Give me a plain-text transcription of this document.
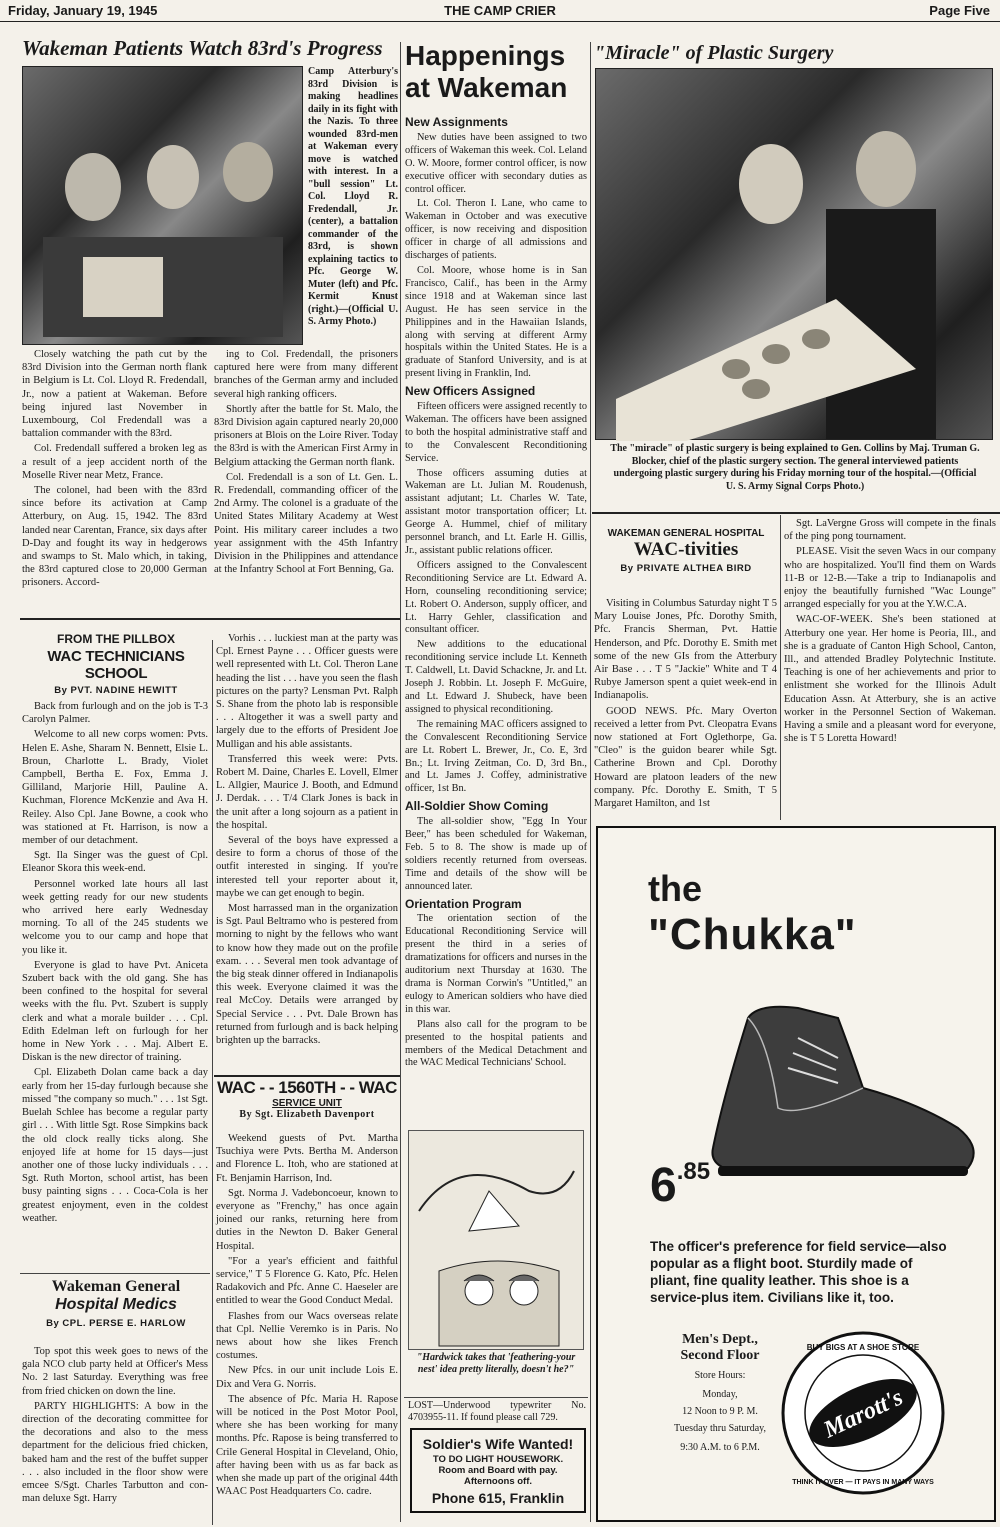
Friday, January 19, 1945	THE CAMP CRIER	Page Five
Wakeman Patients Watch 83rd's Progress
Camp Atterbury's 83rd Division is making headlines daily in its fight with the Nazis. To three wounded 83rd-men at Wakeman every move is watched with interest. In a "bull session" Lt. Col. Lloyd R. Fredendall, Jr. (center), a battalion commander of the 83rd, is shown explaining tactics to Pfc. George W. Muter (left) and Pfc. Kermit Knust (right.)—(Official U. S. Army Photo.)

Closely watching the path cut by the 83rd Division into the German north flank in Belgium is Lt. Col. Lloyd R. Fredendall, Jr., now a patient at Wakeman. Before being injured last November in Luxembourg, Col Fredendall was a battalion commander with the 83rd.

Col. Fredendall suffered a broken leg as a result of a jeep accident north of the Moselle River near Metz, France.

The colonel, had been with the 83rd since before its activation at Camp Atterbury, on Aug. 15, 1942. The 83rd landed near Carentan, France, six days after D-Day and fought its way in hedgerows and swamps to St. Malo which, in taking, the 83rd captured close to 20,000 German prisoners. Accord-

ing to Col. Fredendall, the prisoners captured here were from many different branches of the German army and included several high ranking officers.

Shortly after the battle for St. Malo, the 83rd Division again captured nearly 20,000 prisoners at Blois on the Loire River. Today the 83rd is with the American First Army in Belgium attacking the German north flank.

Col. Fredendall is a son of Lt. Gen. L. R. Fredendall, commanding officer of the 2nd Army. The colonel is a graduate of the United States Military Academy at West Point. His military career includes a two year assignment with the 45th Infantry Division in the Philippines and attendance at the Infantry School at Fort Benning, Ga.

FROM THE PILLBOX
WAC TECHNICIANS SCHOOL
By PVT. NADINE HEWITT

Back from furlough and on the job is T-3 Carolyn Palmer.

Welcome to all new corps women: Pvts. Helen E. Ashe, Sharam N. Bennett, Elsie L. Broun, Charlotte L. Brady, Violet Campbell, Bertha E. Fox, Emma J. Gilliland, Marjorie Hill, Pauline A. Kuchman, Florence McKenzie and Ava H. Reiley. Also Cpl. Jane Bowne, a cook who was stationed at Ft. Harrison, is now a member of our detachment.

Sgt. Ila Singer was the guest of Cpl. Eleanor Skora this week-end.

Personnel worked late hours all last week getting ready for our new students who arrived here early Wednesday morning. To all of the 245 students we welcome you to our camp and hope that you like it.

Everyone is glad to have Pvt. Aniceta Szubert back with the old gang. She has been confined to the hospital for several weeks with the flu. Pvt. Szubert is supply clerk and what a morale builder . . . Cpl. Edith Edelman left on furlough for her home in New York . . . Maj. Albert E. Diskan is the new director of training.

Cpl. Elizabeth Dolan came back a day early from her 15-day furlough because she missed "the company so much." . . . 1st Sgt. Buelah Schlee has become a regular party girl . . . With little Sgt. Rose Simpkins back the old clock really ticks along. She enjoyed life at home for 15 days—just another one of those lucky individuals . . . Sgt. Ruth Morton, school artist, has been busy painting signs . . . Coca-Cola is her greatest enjoyment, even in the coldest weather.

Vorhis . . . luckiest man at the party was Cpl. Ernest Payne . . . Officer guests were well represented with Lt. Col. Theron Lane heading the list . . . have you seen the flash pictures on the party? Lensman Pvt. Ralph S. Shane from the photo lab is responsible . . . Altogether it was a swell party and largely due to the efforts of President Joe Mulligan and his able assistants.

Transferred this week were: Pvts. Robert M. Daine, Charles E. Lovell, Elmer L. Allgier, Maurice J. Booth, and Edmund J. Derdak. . . . T/4 Clark Jones is back in the unit after a long sojourn as a patient in the hospital.

Several of the boys have expressed a desire to form a chorus of those of the outfit interested in singing. If you're interested tell your reporter about it, maybe we can get enough to begin.

Most harrassed man in the organization is Sgt. Paul Beltramo who is pestered from morning to night by the fellows who want to know how they made out on the profile exam. . . . Several men took advantage of the big steak dinner offered in Indianapolis this week. Everyone claimed it was the real McCoy. Details were arranged by Special Service . . . Pvt. Dale Brown has returned from furlough and is back helping brighten up the barracks.

Wakeman General
Hospital Medics
By CPL. PERSE E. HARLOW

Top spot this week goes to news of the gala NCO club party held at Officer's Mess No. 2 last Saturday. Everything was free from fried chicken on down the line.

PARTY HIGHLIGHTS: A bow in the direction of the decorating committee for the decorations and also to the mess department for the delicious fried chicken, baked ham and the rest of the buffet supper . . . also included in the floor show were emcee S/Sgt. Charles Tarbutton and con-man deluxe Sgt. Harry

WAC - - 1560TH - - WAC
SERVICE UNIT
By Sgt. Elizabeth Davenport

Weekend guests of Pvt. Martha Tsuchiya were Pvts. Bertha M. Anderson and Florence L. Itoh, who are stationed at Ft. Benjamin Harrison, Ind.

Sgt. Norma J. Vadeboncoeur, known to everyone as "Frenchy," has once again joined our ranks, returning here from duties in the Newton D. Baker General Hospital.

"For a year's efficient and faithful service," T 5 Florence G. Kato, Pfc. Helen Radakovich and Pfc. Anne C. Haeseler are entitled to wear the Good Conduct Medal.

Flashes from our Wacs overseas relate that Cpl. Nellie Veremko is in Paris. No news about how she likes French costumes.

New Pfcs. in our unit include Lois E. Dix and Vera G. Norris.

The absence of Pfc. Maria H. Rapose will be noticed in the Post Motor Pool, where she has been working for many months. Pfc. Rapose is being transferred to Crile General Hospital in Cleveland, Ohio, after having been with us as far back as when she made up part of the original 44th WAAC Post Headquarters Co. cadre.

Happenings at Wakeman
New Assignments

New duties have been assigned to two officers of Wakeman this week. Col. Leland O. W. Moore, former control officer, is now executive officer with secondary duties as control officer.

Lt. Col. Theron I. Lane, who came to Wakeman in October and was executive officer, is now receiving and disposition officer in charge of all admissions and discharges of patients.

Col. Moore, whose home is in San Francisco, Calif., has been in the Army since 1918 and at Wakeman since last August. He has seen service in the Philippines and in the Hawaiian Islands, along with serving at different Army hospitals within the United States. He is a graduate of Stanford University, and is at present living in Franklin, Ind.

New Officers Assigned

Fifteen officers were assigned recently to Wakeman. The officers have been assigned to both the hospital administrative staff and to the Convalescent Reconditioning Service.

Those officers assuming duties at Wakeman are Lt. Julian M. Roudenush, assistant adjutant; Lt. Charles W. Tate, assistant motor transportation officer; Lt. George A. Hummel, chief of military personnel branch, and Lt. Earle H. Gillis, Jr., assistant public relations officer.

Officers assigned to the Convalescent Reconditioning Service are Lt. Edward A. Horn, counseling reconditioning service; Lt. Robert O. Anderson, supply officer, and Lt. Harry Gehler, classification and consultant officer.

New additions to the educational reconditioning service include Lt. Kenneth T. Caldwell, Lt. David Schackne, Jr. and Lt. Joseph J. Robbin. Lt. Joseph F. McGuire, and Lt. Edward J. Shubeck, have been assigned to physical reconditioning.

The remaining MAC officers assigned to the Convalescent Reconditioning Service are Lt. Robert L. Brewer, Jr., Co. E, 3rd Bn.; Lt. Irving Zeitman, Co. D, 3rd Bn., and Lt. James J. Coffey, administrative officer, 1st Bn.

All-Soldier Show Coming

The all-soldier show, "Egg In Your Beer," has been scheduled for Wakeman, Feb. 5 to 8. The show is made up of soldiers recently returned from overseas. Time and details of the show will be announced later.

Orientation Program

The orientation section of the Educational Reconditioning Service will present the third in a series of dramatizations for officers and nurses in the auditorium next Thursday at 1630. The drama is Norman Corwin's "Untitled," an eulogy to American soldiers who have died in this war.

Plans also call for the program to be presented to the hospital patients and members of the Medical Detachment and the WAC Medical Technicians' School.

"Hardwick takes that 'feathering-your nest' idea pretty literally, doesn't he?"
LOST—Underwood typewriter No. 4703955-11. If found please call 729.
Soldier's Wife Wanted!
TO DO LIGHT HOUSEWORK.
Room and Board with pay. Afternoons off.
Phone 615, Franklin
"Miracle" of Plastic Surgery
The "miracle" of plastic surgery is being explained to Gen. Collins by Maj. Truman G. Blocker, chief of the plastic surgery section. The general interviewed patients undergoing plastic surgery during his Friday morning tour of the hospital.—(Official U. S. Army Signal Corps Photo.)
WAKEMAN GENERAL HOSPITAL
WAC-tivities
By PRIVATE ALTHEA BIRD

Visiting in Columbus Saturday night T 5 Mary Louise Jones, Pfc. Dorothy Smith, Pfc. Francis Sherman, Pvt. Hattie Henderson, and Pfc. Dorothy E. Smith met some of the new GIs from the Atterbury Air Base . . . T 5 "Jackie" White and T 4 Rubye Jamerson spent a quiet week-end in Indianapolis.

GOOD NEWS. Pfc. Mary Overton received a letter from Pvt. Cleopatra Evans now stationed at Fort Oglethorpe, Ga. "Cleo" is the guidon bearer while Sgt. Catherine Brown and Cpl. Dorothy Howard are platoon leaders of the new company. Pfc. Dorothy E. Smith, T 5 Margaret Hamilton, and 1st

Sgt. LaVergne Gross will compete in the finals of the ping pong tournament.

PLEASE. Visit the seven Wacs in our company who are hospitalized. You'll find them on Wards 11-B or 12-B.—Take a trip to Indianapolis and enjoy the beautifully furnished "Wac Lounge" arranged especially for you at the Y.W.C.A.

WAC-OF-WEEK. She's been stationed at Atterbury one year. Her home is Peoria, Ill., and she is a graduate of Canton High School, Canton, Ill., and attended Bradley Polytechnic Institute. Teaching is one of her achievements and prior to enlistment she worked for the Illinois Adult Education Assn. At Atterbury, she is an active worker in the Personnel Section of Wakeman. Having a smile and a pleasant word for everyone, she is T 5 Loretta Howard!

the
"Chukka"
6.85
The officer's preference for field service—also popular as a flight boot. Sturdily made of pliant, fine quality leather. This shoe is a service-plus item. Civilians like it, too.
Men's Dept.,
Second Floor
Store Hours:
Monday,
12 Noon to 9 P. M.
Tuesday thru Saturday,
9:30 A.M. to 6 P.M.
Marott's
BUY BIGS AT A SHOE STORE
THINK IT OVER — IT PAYS IN MANY WAYS
